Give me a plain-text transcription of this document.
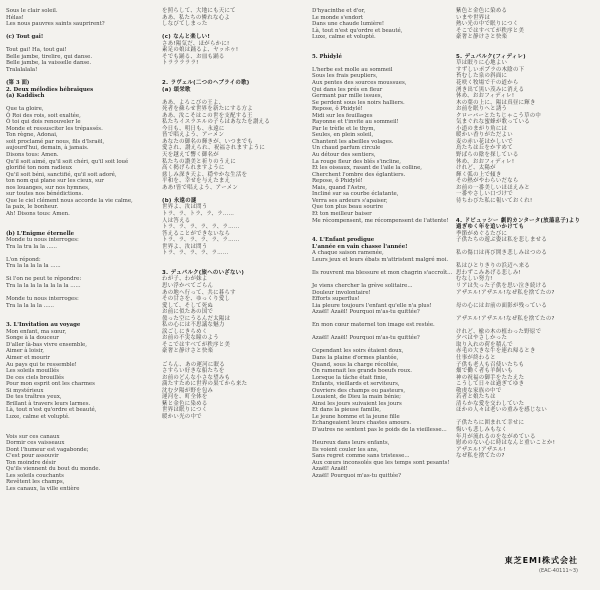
Sous le clair soleil.
Hélas!
Les nous pauvres saints sauprirent?
(c) Tout gai!
Tout gai! Ha, tout gai!
Belle jambe, tirelire, qui danse.
Belle jambe, la vaisselle danse.
Tralalalala!
(第 3 面)
2. Deux mélodies hébraïques
(a) Kaddisch
Que ta gloire,
Ô Roi des rois, soit exaltée,
Ô toi qui dois renouveler le
Monde et ressusciter les trépassés.
Ton règne, Adonai,
soit proclamé par nous, fils d'Israël,
aujourd'hui, demain, à jamais.
Disons tous: Amen.
Qu'il soit aimé, qu'il soit chéri, qu'il soit loué
glorifié ton nom radieux
Qu'il soit béni, sanctifié, qu'il soit adoré,
ton nom qui plane sur les cieux, sur
nos louanges, sur nos hymnes,
sur toutes nos bénédictions.
Que le ciel clément nous accorde la vie calme,
la paix, le bonheur.
Ah! Disons tous: Amen.
(b) L'Enigme éternelle
Monde tu nous interroges:
Tra la tra la la ......
L'on répond:
Tra la la la la la ......
Si l'on ne peut te répondre:
Tra la la la la la la la la ......
Monde tu nous interroges:
Tra la la la la ......
3. L'Invitation au voyage
Mon enfant, ma sœur,
Songe à la douceur
D'aller là-bas vivre ensemble,
Aimer à loisir,
Aimer et mourir
Au pays qui te ressemble!
Les soleils mouillés
De ces ciels brouillés
Pour mon esprit ont les charmes
Si mystérieux
De tes traîtres yeux,
Brillant à travers leurs larmes.
Là, tout n'est qu'ordre et beauté,
Luxe, calme et volupté.
Vois sur ces canaux
Dormir ces vaisseaux
Dont l'humeur est vagabonde;
C'est pour assouvir
Ton moindre désir
Qu'ils viennent du bout du monde.
Les soleils couchants
Revêtent les champs,
Les canaux, la ville entière
を照らして、大地にも天にて
ああ、私たちの憐れな心よ
しなびてしまった
(c) なんと楽しい!
さあ!陽気だ、ほがらかに!
素足の娘は踊るよ、ヤッホゥ!
そでも踊る、お皿も踊る
トラララララ!
2. ラヴェル(二つのヘブライの歌)
(a) 頌栄歌
ああ、よろこびの王よ、
死者を蘇らせ世界を新たにする方よ
ああ、汝こそはこの世を支配する王
私たちイスラエルの子らはあなたを讃える
今日も、明日も、永遠に
皆で唱えよう、アーメン
あなたの御名の輝きが、いつまでも
愛され、讃えられ、祝福されますように
天を越えて響く御名が
私たちの讃美と祈りのうえに
高く掲げられますように
慈しみ深き天よ、穏やかな生活を
平和を、幸せを与えたまえ
ああ!皆で唱えよう、アーメン
(b) 永遠の謎
世界よ、汝は問う
トラ、ラ、トラ、ラ、ラ……
人は答える
トラ、ラ、ラ、ラ、ラ、ラ……
答えることができないなら
トラ、ラ、ラ、ラ、ラ、ラ……
世界よ、汝は問う
トラ、ラ、ラ、ラ、ラ……
3. デュパルク(旅へのいざない)
わが子、わが妹よ
思い浮かべてごらん
あの地へ行って、共に暮らす
その甘さを、ゆっくり愛し
愛して、そして死ぬ
お前に似たあの国で
曇った空にうるんだ太陽は
私の心には不思議な魅力
涙ごしにきらめく
お前の不実な瞳のよう
そこではすべてが秩序と美
豪奢と静けさと快楽
ごらん、あの運河に眠る
さすらい好きな船たちを
お前のどんな小さな望みも
満たすために世界の果てから来た
沈む夕陽が野を包み
運河を、町全体を
紫と金色に染める
世界は眠りにつく
暖かい光の中で
D'hyacinthe et d'or,
Le monde s'endort
Dans une chaude lumière!
Là, tout n'est qu'ordre et beauté,
Luxe, calme et volupté.
5. Phidylé
L'herbe est molle au sommeil
Sous les frais peupliers,
Aux pentes des sources moussues,
Qui dans les prés en fleur
Germant par mille issues,
Se perdent sous les noirs halliers.
Repose, ô Phidylé!
Midi sur les feuillages
Rayonne et t'invite au sommeil!
Par le trèfle et le thym,
Seules, en plein soleil,
Chantent les abeilles volages.
Un chaud parfum circule
Au détour des sentiers,
La rouge fleur des blés s'incline,
Et les oiseaux, rasant de l'aile la colline,
Cherchent l'ombre des églantiers.
Repose, ô Phidylé!
Mais, quand l'Astre,
Incliné sur sa courbe éclatante,
Verra ses ardeurs s'apaiser,
Que ton plus beau sourire
Et ton meilleur baiser
Me récompensent, me récompensent de l'attente!
4. L'Enfant prodigue
L'année en vain chasse l'année!
A chaque saison ramenée,
Leurs jeux et leurs ébats m'attristent malgré moi.
Ils rouvrent ma blessure et mon chagrin s'accroît...
Je viens chercher la grève solitaire...
Douleur involontaire!
Efforts superflus!
Lia pleure toujours l'enfant qu'elle n'a plus!
Azaël! Azaël! Pourquoi m'as-tu quittée?
En mon cœur maternel ton image est restée.
Azaël! Azaël! Pourquoi m'as-tu quittée?
Cependant les soirs étaient doux,
Dans la plaine d'ormes plantée,
Quand, sous la charge récoltée,
On ramenait les grands boeufs roux.
Lorsque la tâche était finie,
Enfants, vieillards et serviteurs,
Ouvriers des champs ou pasteurs,
Louaient, de Dieu la main bénie;
Ainsi les jours suivaient les jours
Et dans la pieuse famille,
Le jeune homme et la jeune fille
Echangeaient leurs chastes amours.
D'autres ne sentent pas le poids de la vieillesse...
Heureux dans leurs enfants,
Ils voient couler les ans,
Sans regret comme sans tristesse...
Aux cœurs inconsolés que les temps sont pesants!
Azaël! Azaël!
Azaël! Pourquoi m'as-tu quittée?
紫色と金色に染める
いまや世界は
熱い光の中で眠りにつく
そこではすべてが秩序と美
豪奢と静けさと快楽
5. デュパルク(フィディレ)
草は眠りに心地よい
すずしいポプラの木陰の下
苔むした泉の斜面に
花咲く牧場で千の道から
湧き出て黒い茂みに消える
休め、おおフィディレ!
木の葉の上に、陽は真昼に輝き
お前を眠りへと誘う
クローバーとたちじゃこう草の中
気まぐれな蜜蜂が歌っている
小道のまがり角には
暖かい香りがただよい
麦の赤い花はかしいで
鳥たちは丘をかすめて
野ばらの陰を探している
休め、おおフィディレ!
けれど、太陽が
輝く弧の上で傾き
その熱がやわらいだなら
お前の一番美しいほほえみと
一番やさしい口づけで
待ちわびた私に報いておくれ!
4. ドビュッシー 劇的カンタータ(放蕩息子)より
過ぎゆく年を追いかけても
季節がめぐるたびに
子供たちの遊ぶ姿は私を悲しませる
私の傷口は再び開き悲しみはつのる
私はひとりきりの浜辺へ来る
思わずこみあげる悲しみ!
むなしい努力!
リアは失った子供を思い泣き続ける
アザエル!アザエル!なぜ私を捨てたの?
母の心にはお前の面影が残っている
アザエル!アザエル!なぜ私を捨てたの?
けれど、楡の木の植わった野原で
夕べはやさしかった
取り入れの荷を積んで
赤毛の大きな牛を連れ帰るとき
仕事が終わると
子供も老人も召使いたちも
畑で働く者も羊飼いも
神の祝福の御手をたたえた
こうして日々は過ぎてゆき
敬虔な家族の中で
若者と娘たちは
清らかな愛を交わしていた
ほかの人々は老いの重みを感じない
子供たちに囲まれて幸せに
悔いも悲しみもなく
年月が流れるのをながめている
慰めのない心に時はなんと重いことか!
アザエル!アザエル!
なぜ私を捨てたの?
東芝EMI株式会社
(EAC-40111~3)
